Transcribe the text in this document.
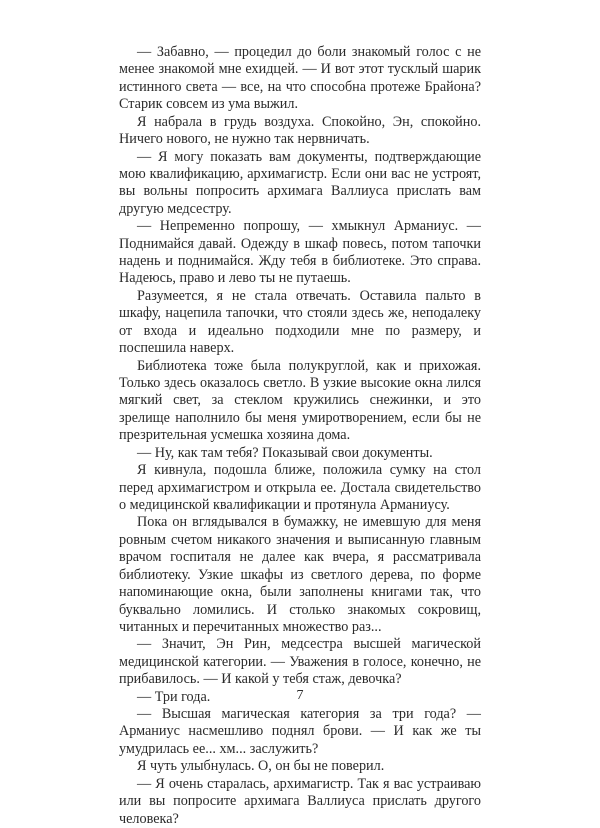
— Забавно, — процедил до боли знакомый голос с не менее знакомой мне ехидцей. — И вот этот тусклый шарик истинного света — все, на что способна протеже Брайона? Старик совсем из ума выжил.

Я набрала в грудь воздуха. Спокойно, Эн, спокойно. Ничего нового, не нужно так нервничать.

— Я могу показать вам документы, подтверждающие мою квалификацию, архимагистр. Если они вас не устроят, вы вольны попросить архимага Валлиуса прислать вам другую медсестру.

— Непременно попрошу, — хмыкнул Арманиус. — Поднимайся давай. Одежду в шкаф повесь, потом тапочки надень и поднимайся. Жду тебя в библиотеке. Это справа. Надеюсь, право и лево ты не путаешь.

Разумеется, я не стала отвечать. Оставила пальто в шкафу, нацепила тапочки, что стояли здесь же, неподалеку от входа и идеально подходили мне по размеру, и поспешила наверх.

Библиотека тоже была полукруглой, как и прихожая. Только здесь оказалось светло. В узкие высокие окна лился мягкий свет, за стеклом кружились снежинки, и это зрелище наполнило бы меня умиротворением, если бы не презрительная усмешка хозяина дома.

— Ну, как там тебя? Показывай свои документы.

Я кивнула, подошла ближе, положила сумку на стол перед архимагистром и открыла ее. Достала свидетельство о медицинской квалификации и протянула Арманиусу.

Пока он вглядывался в бумажку, не имевшую для меня ровным счетом никакого значения и выписанную главным врачом госпиталя не далее как вчера, я рассматривала библиотеку. Узкие шкафы из светлого дерева, по форме напоминающие окна, были заполнены книгами так, что буквально ломились. И столько знакомых сокровищ, читанных и перечитанных множество раз...

— Значит, Эн Рин, медсестра высшей магической медицинской категории. — Уважения в голосе, конечно, не прибавилось. — И какой у тебя стаж, девочка?

— Три года.

— Высшая магическая категория за три года? — Арманиус насмешливо поднял брови. — И как же ты умудрилась ее... хм... заслужить?

Я чуть улыбнулась. О, он бы не поверил.

— Я очень старалась, архимагистр. Так я вас устраиваю или вы попросите архимага Валлиуса прислать другого человека?

7
